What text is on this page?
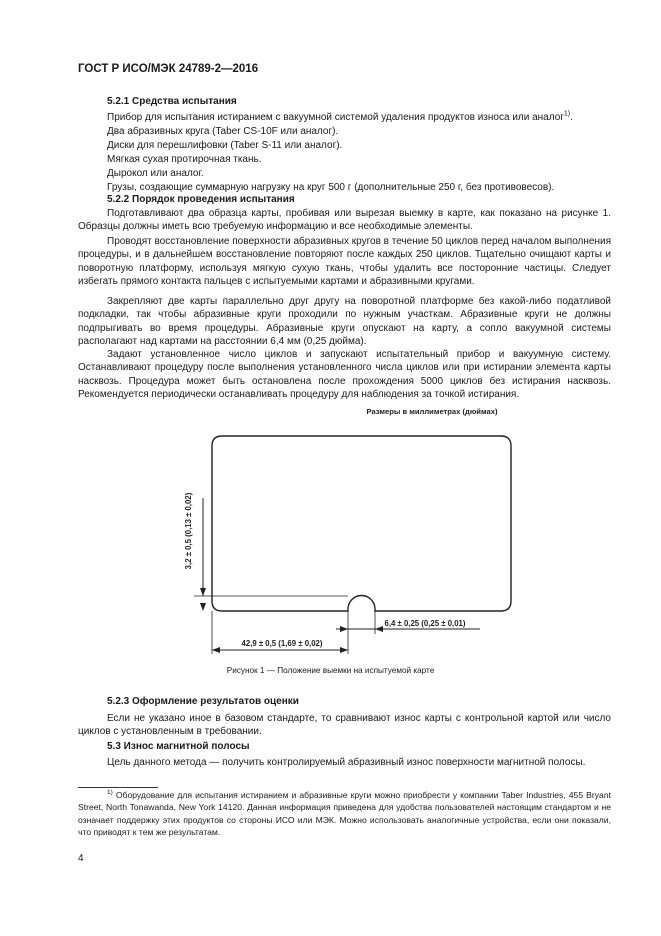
ГОСТ Р ИСО/МЭК 24789-2—2016
5.2.1 Средства испытания
Прибор для испытания истиранием с вакуумной системой удаления продуктов износа или аналог$^{1)}$.
Два абразивных круга (Taber CS-10F или аналог).
Диски для перешлифовки (Taber S-11 или аналог).
Мягкая сухая протирочная ткань.
Дырокол или аналог.
Грузы, создающие суммарную нагрузку на круг 500 г (дополнительные 250 г, без противовесов).
5.2.2 Порядок проведения испытания
Подготавливают два образца карты, пробивая или вырезая выемку в карте, как показано на рисунке 1. Образцы должны иметь всю требуемую информацию и все необходимые элементы.
Проводят восстановление поверхности абразивных кругов в течение 50 циклов перед началом выполнения процедуры, и в дальнейшем восстановление повторяют после каждых 250 циклов. Тщательно очищают карты и поворотную платформу, используя мягкую сухую ткань, чтобы удалить все посторонние частицы. Следует избегать прямого контакта пальцев с испытуемыми картами и абразивными кругами.
Закрепляют две карты параллельно друг другу на поворотной платформе без какой-либо податливой подкладки, так чтобы абразивные круги проходили по нужным участкам. Абразивные круги не должны подпрыгивать во время процедуры. Абразивные круги опускают на карту, а сопло вакуумной системы располагают над картами на расстоянии 6,4 мм (0,25 дюйма).
Задают установленное число циклов и запускают испытательный прибор и вакуумную систему. Останавливают процедуру после выполнения установленного числа циклов или при истирании элемента карты насквозь. Процедура может быть остановлена после прохождения 5000 циклов без истирания насквозь. Рекомендуется периодически останавливать процедуру для наблюдения за точкой истирания.
Размеры в миллиметрах (дюймах)
3,2 ± 0,5 (0,13 ± 0,02)
6,4 ± 0,25 (0,25 ± 0,01)
42,9 ± 0,5 (1,69 ± 0,02)
Рисунок 1 — Положение выемки на испытуемой карте
5.2.3 Оформление результатов оценки
Если не указано иное в базовом стандарте, то сравнивают износ карты с контрольной картой или число циклов с установленным в требовании.
5.3 Износ магнитной полосы
Цель данного метода — получить контролируемый абразивный износ поверхности магнитной полосы.
$^{1)}$ Оборудование для испытания истиранием и абразивные круги можно приобрести у компании Taber Industries, 455 Bryant Street, North Tonawanda, New York 14120. Данная информация приведена для удобства пользователей настоящим стандартом и не означает поддержку этих продуктов со стороны ИСО или МЭК. Можно использовать аналогичные устройства, если они показали, что приводят к тем же результатам.
4
